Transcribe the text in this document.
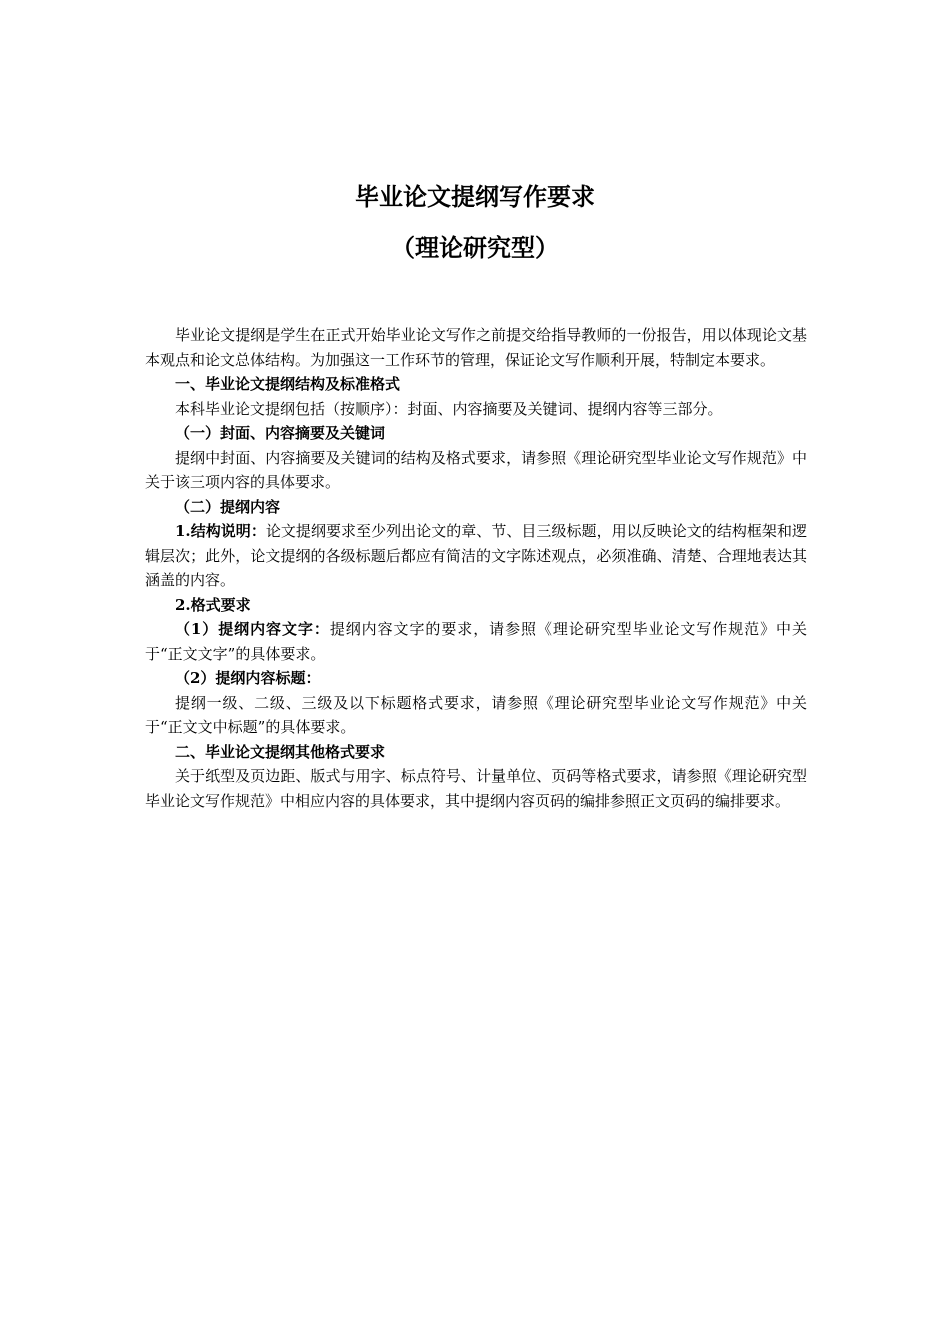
毕业论文提纲写作要求
（理论研究型）

毕业论文提纲是学生在正式开始毕业论文写作之前提交给指导教师的一份报告，用以体现论文基本观点和论文总体结构。为加强这一工作环节的管理，保证论文写作顺利开展，特制定本要求。

一、毕业论文提纲结构及标准格式

本科毕业论文提纲包括（按顺序）：封面、内容摘要及关键词、提纲内容等三部分。

（一）封面、内容摘要及关键词

提纲中封面、内容摘要及关键词的结构及格式要求，请参照《理论研究型毕业论文写作规范》中关于该三项内容的具体要求。

（二）提纲内容

1.结构说明：论文提纲要求至少列出论文的章、节、目三级标题，用以反映论文的结构框架和逻辑层次；此外，论文提纲的各级标题后都应有简洁的文字陈述观点，必须准确、清楚、合理地表达其涵盖的内容。

2.格式要求

（1）提纲内容文字：提纲内容文字的要求，请参照《理论研究型毕业论文写作规范》中关于“正文文字”的具体要求。

（2）提纲内容标题：

提纲一级、二级、三级及以下标题格式要求，请参照《理论研究型毕业论文写作规范》中关于“正文文中标题”的具体要求。

二、毕业论文提纲其他格式要求

关于纸型及页边距、版式与用字、标点符号、计量单位、页码等格式要求，请参照《理论研究型毕业论文写作规范》中相应内容的具体要求，其中提纲内容页码的编排参照正文页码的编排要求。
